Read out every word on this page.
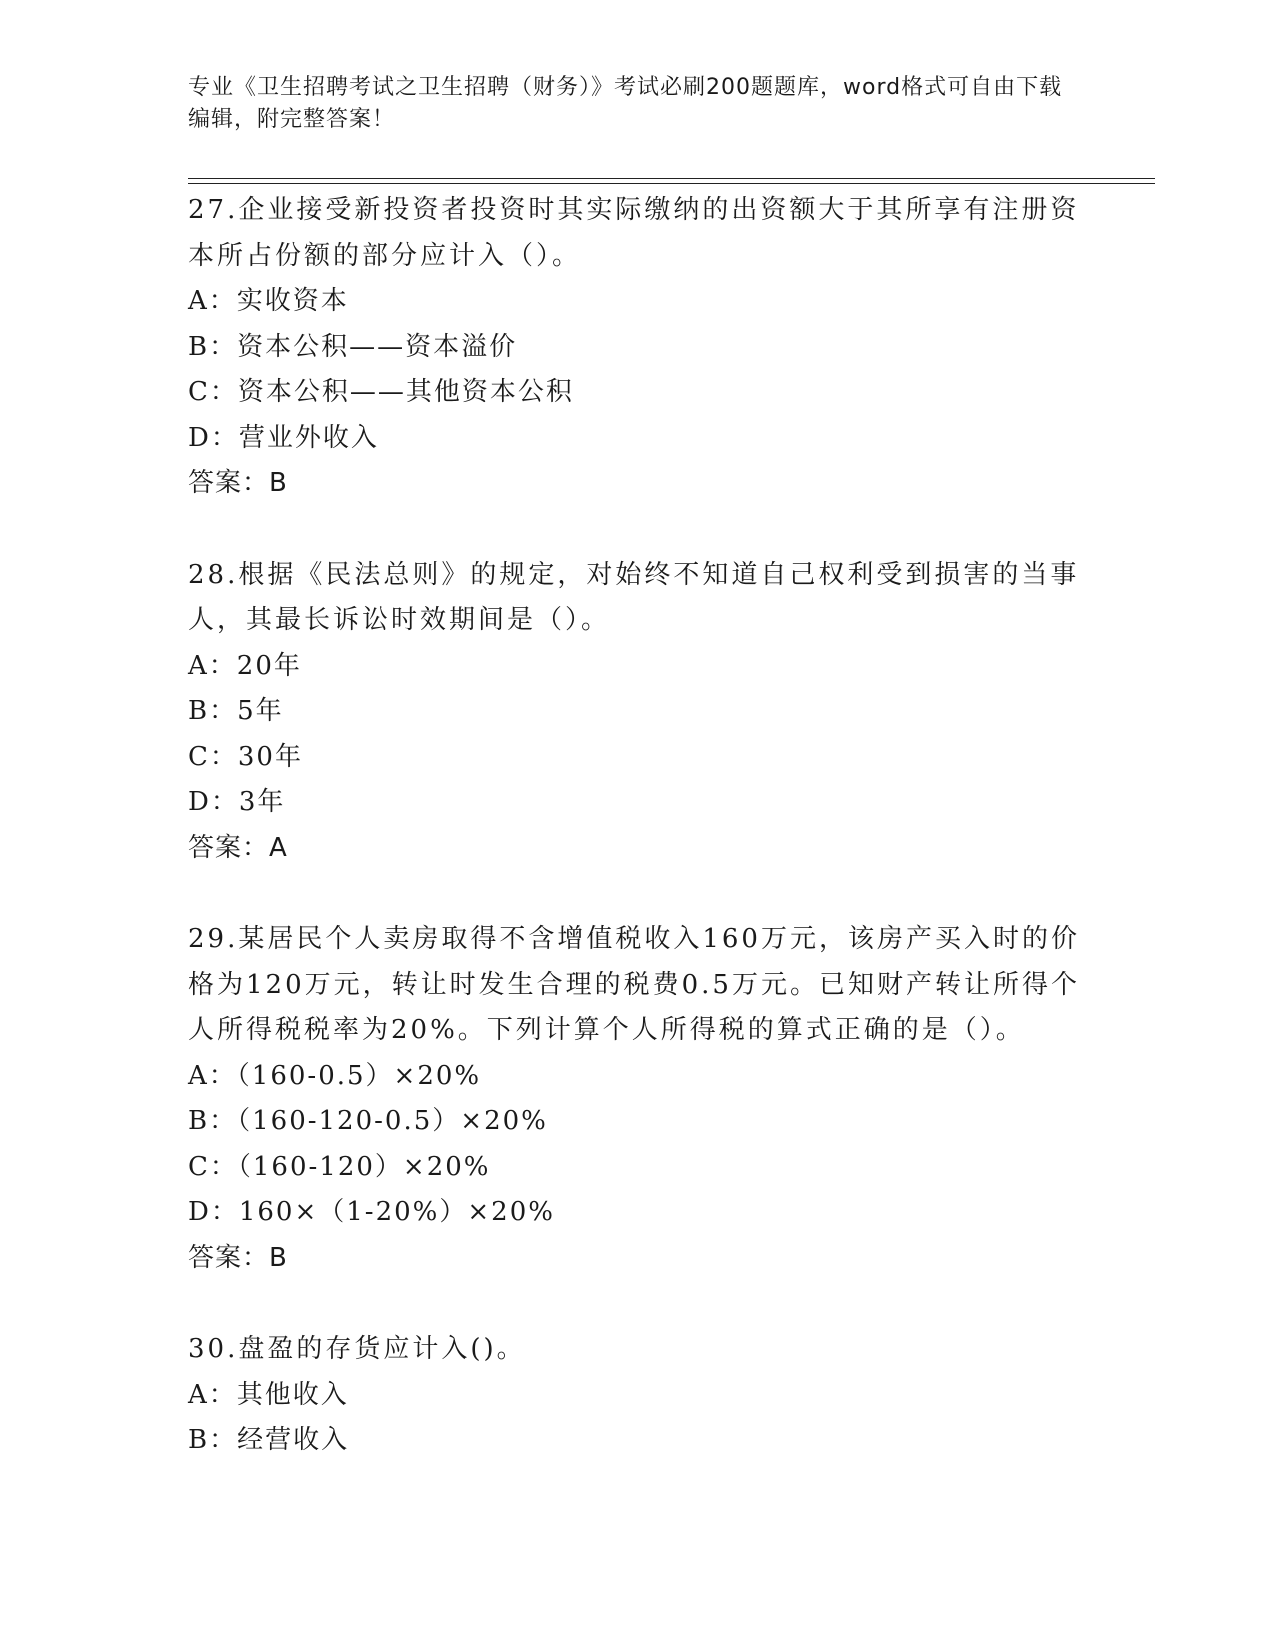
专业《卫生招聘考试之卫生招聘（财务）》考试必刷200题题库，word格式可自由下载编辑，附完整答案！

27.企业接受新投资者投资时其实际缴纳的出资额大于其所享有注册资本所占份额的部分应计入（）。

A：实收资本

B：资本公积——资本溢价

C：资本公积——其他资本公积

D：营业外收入

答案：B

28.根据《民法总则》的规定，对始终不知道自己权利受到损害的当事人，其最长诉讼时效期间是（）。

A：20年

B：5年

C：30年

D：3年

答案：A

29.某居民个人卖房取得不含增值税收入160万元，该房产买入时的价格为120万元，转让时发生合理的税费0.5万元。已知财产转让所得个人所得税税率为20%。下列计算个人所得税的算式正确的是（）。

A：（160-0.5）×20%

B：（160-120-0.5）×20%

C：（160-120）×20%

D：160×（1-20%）×20%

答案：B

30.盘盈的存货应计入()。

A：其他收入

B：经营收入
